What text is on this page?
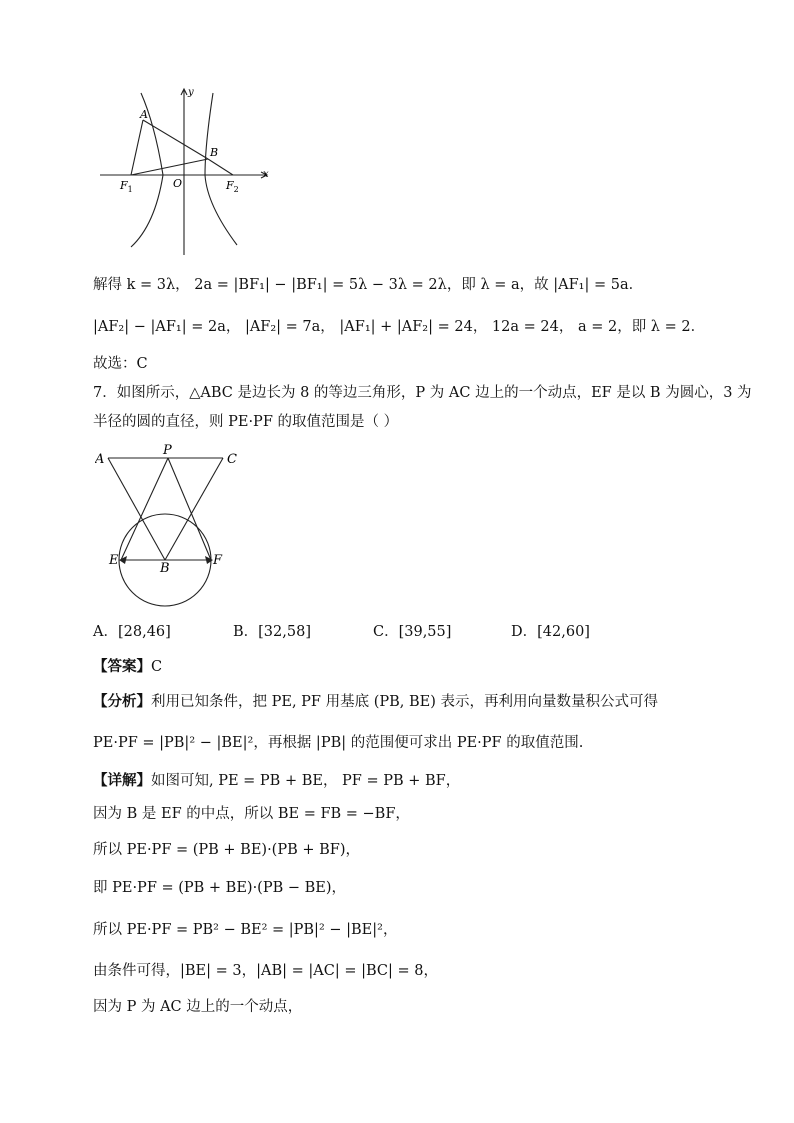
y
x
A
B
O
$F_1$	$F_2$
解得 k = 3λ， 2a = |BF₁| − |BF₁| = 5λ − 3λ = 2λ，即 λ = a，故 |AF₁| = 5a．
|AF₂| − |AF₁| = 2a， |AF₂| = 7a， |AF₁| + |AF₂| = 24， 12a = 24， a = 2，即 λ = 2．
故选：C
7．如图所示，△ABC 是边长为 8 的等边三角形，P 为 AC 边上的一个动点，EF 是以 B 为圆心，3 为
半径的圆的直径，则 PE·PF 的取值范围是（ ）
A
P
C
E
B
F
A．[28,46]	B．[32,58]	C．[39,55]	D．[42,60]
【答案】C
【分析】利用已知条件，把 PE, PF 用基底 (PB, BE) 表示，再利用向量数量积公式可得
PE·PF = |PB|² − |BE|²，再根据 |PB| 的范围便可求出 PE·PF 的取值范围.
【详解】如图可知, PE = PB + BE， PF = PB + BF，
因为 B 是 EF 的中点，所以 BE = FB = −BF，
所以 PE·PF = (PB + BE)·(PB + BF)，
即 PE·PF = (PB + BE)·(PB − BE)，
所以 PE·PF = PB² − BE² = |PB|² − |BE|²，
由条件可得，|BE| = 3，|AB| = |AC| = |BC| = 8，
因为 P 为 AC 边上的一个动点，
